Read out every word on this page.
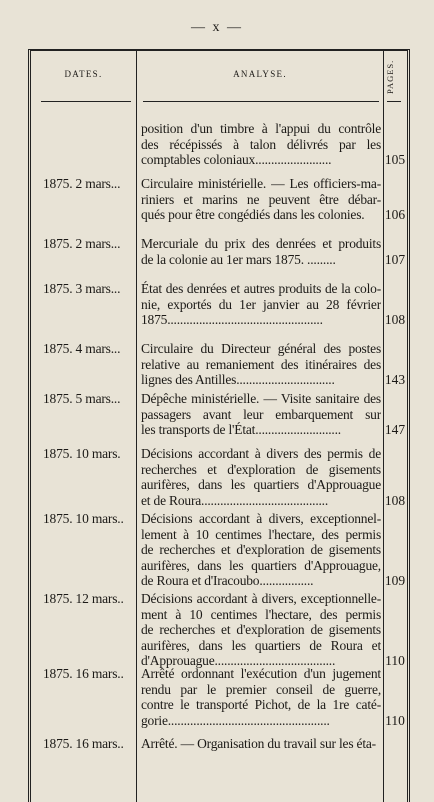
— x —
DATES.	ANALYSE.	PAGES.
position d'un timbre à l'appui du contrôle
des récépissés à talon délivrés par les
comptables coloniaux........................	105
1875. 2 mars...	Circulaire ministérielle. — Les officiers-ma-
riniers et marins ne peuvent être débar-
qués pour être congédiés dans les colonies.	106
1875. 2 mars...	Mercuriale du prix des denrées et produits
de la colonie au 1er mars 1875. .........	107
1875. 3 mars...	État des denrées et autres produits de la colo-
nie, exportés du 1er janvier au 28 février
1875.................................................	108
1875. 4 mars...	Circulaire du Directeur général des postes
relative au remaniement des itinéraires des
lignes des Antilles...............................	143
1875. 5 mars...	Dépêche ministérielle. — Visite sanitaire des
passagers avant leur embarquement sur
les transports de l'État...........................	147
1875. 10 mars.	Décisions accordant à divers des permis de
recherches et d'exploration de gisements
aurifères, dans les quartiers d'Approuague
et de Roura........................................	108
1875. 10 mars..	Décisions accordant à divers, exceptionnel-
lement à 10 centimes l'hectare, des permis
de recherches et d'exploration de gisements
aurifères, dans les quartiers d'Approuague,
de Roura et d'Iracoubo.................	109
1875. 12 mars..	Décisions accordant à divers, exceptionnelle-
ment à 10 centimes l'hectare, des permis
de recherches et d'exploration de gisements
aurifères, dans les quartiers de Roura et
d'Approuague......................................	110
1875. 16 mars..	Arrêté ordonnant l'exécution d'un jugement
rendu par le premier conseil de guerre,
contre le transporté Pichot, de la 1re caté-
gorie...................................................	110
1875. 16 mars..	Arrêté. — Organisation du travail sur les éta-
